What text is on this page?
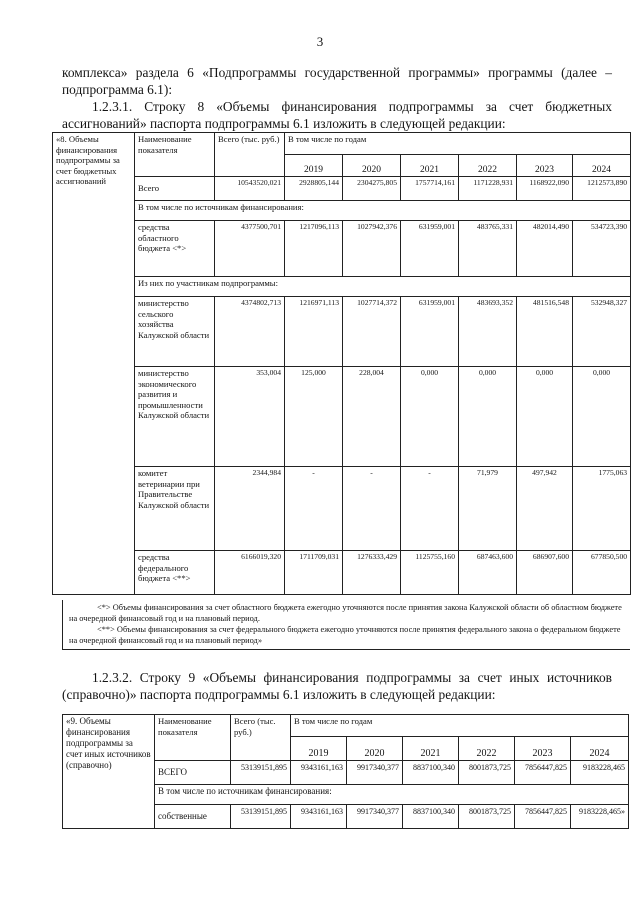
3
комплекса» раздела 6 «Подпрограммы государственной программы» программы (далее – подпрограмма 6.1):
1.2.3.1. Строку 8 «Объемы финансирования подпрограммы за счет бюджетных ассигнований» паспорта подпрограммы 6.1 изложить в следующей редакции:
«8. Объемы финансирования подпрограммы за счет бюджетных ассигнований	Наименование показателя	Всего (тыс. руб.)	В том числе по годам					
			2019	2020	2021	2022	2023	2024
	Всего	10543520,021	2928805,144	2304275,805	1757714,161	1171228,931	1168922,090	1212573,890
	В том числе по источникам финансирования:							
	средства областного бюджета <*>	4377500,701	1217096,113	1027942,376	631959,001	483765,331	482014,490	534723,390
	Из них по участникам подпрограммы:							
	министерство сельского хозяйства Калужской области	4374802,713	1216971,113	1027714,372	631959,001	483693,352	481516,548	532948,327
	министерство экономического развития и промышленности Калужской области	353,004	125,000	228,004	0,000	0,000	0,000	0,000
	комитет ветеринарии при Правительстве Калужской области	2344,984	-	-	-	71,979	497,942	1775,063
	средства федерального бюджета <**>	6166019,320	1711709,031	1276333,429	1125755,160	687463,600	686907,600	677850,500

<*> Объемы финансирования за счет областного бюджета ежегодно уточняются после принятия закона Калужской области об областном бюджете на очередной финансовый год и на плановый период.

<**> Объемы финансирования за счет федерального бюджета ежегодно уточняются после принятия федерального закона о федеральном бюджете на очередной финансовый год и на плановый период»

1.2.3.2. Строку 9 «Объемы финансирования подпрограммы за счет иных источников (справочно)» паспорта подпрограммы 6.1 изложить в следующей редакции:
«9. Объемы финансирования подпрограммы за счет иных источников (справочно)	Наименование показателя	Всего (тыс. руб.)	В том числе по годам					
			2019	2020	2021	2022	2023	2024
	ВСЕГО	53139151,895	9343161,163	9917340,377	8837100,340	8001873,725	7856447,825	9183228,465
	В том числе по источникам финансирования:							
	собственные	53139151,895	9343161,163	9917340,377	8837100,340	8001873,725	7856447,825	9183228,465»
